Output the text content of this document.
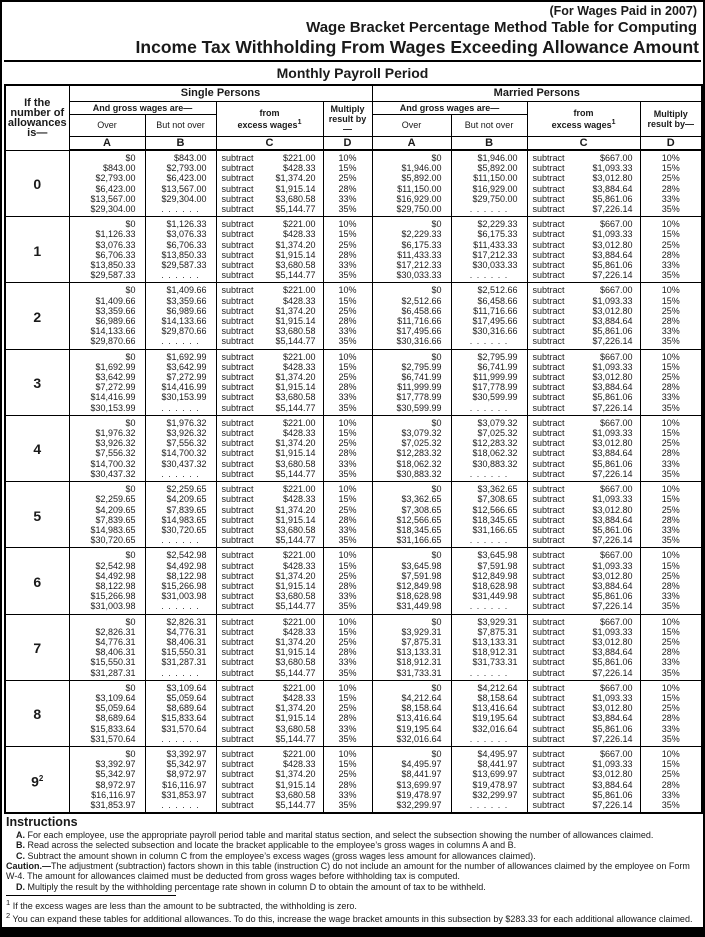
(For Wages Paid in 2007)
Wage Bracket Percentage Method Table for Computing
Income Tax Withholding From Wages Exceeding Allowance Amount
Monthly Payroll Period
If the number of allowances is—	Single Persons				Married Persons			
	And gross wages are—		from
excess wages$^1$	Multiply result by—	And gross wages are—		from
excess wages$^1$	Multiply result by—
	Over	But not over			Over	But not over		
	A	B	C	D	A	B	C	D
0	$0	$843.00	subtract $221.00	10%	$0	$1,946.00	subtract $667.00	10%
	$843.00	$2,793.00	subtract $428.33	15%	$1,946.00	$5,892.00	subtract $1,093.33	15%
	$2,793.00	$6,423.00	subtract $1,374.20	25%	$5,892.00	$11,150.00	subtract $3,012.80	25%
	$6,423.00	$13,567.00	subtract $1,915.14	28%	$11,150.00	$16,929.00	subtract $3,884.64	28%
	$13,567.00	$29,304.00	subtract $3,680.58	33%	$16,929.00	$29,750.00	subtract $5,861.06	33%
	$29,304.00	. . . . . .	subtract $5,144.77	35%	$29,750.00	. . . . . .	subtract $7,226.14	35%
1	$0	$1,126.33	subtract $221.00	10%	$0	$2,229.33	subtract $667.00	10%
	$1,126.33	$3,076.33	subtract $428.33	15%	$2,229.33	$6,175.33	subtract $1,093.33	15%
	$3,076.33	$6,706.33	subtract $1,374.20	25%	$6,175.33	$11,433.33	subtract $3,012.80	25%
	$6,706.33	$13,850.33	subtract $1,915.14	28%	$11,433.33	$17,212.33	subtract $3,884.64	28%
	$13,850.33	$29,587.33	subtract $3,680.58	33%	$17,212.33	$30,033.33	subtract $5,861.06	33%
	$29,587.33	. . . . . .	subtract $5,144.77	35%	$30,033.33	. . . . . .	subtract $7,226.14	35%
2	$0	$1,409.66	subtract $221.00	10%	$0	$2,512.66	subtract $667.00	10%
	$1,409.66	$3,359.66	subtract $428.33	15%	$2,512.66	$6,458.66	subtract $1,093.33	15%
	$3,359.66	$6,989.66	subtract $1,374.20	25%	$6,458.66	$11,716.66	subtract $3,012.80	25%
	$6,989.66	$14,133.66	subtract $1,915.14	28%	$11,716.66	$17,495.66	subtract $3,884.64	28%
	$14,133.66	$29,870.66	subtract $3,680.58	33%	$17,495.66	$30,316.66	subtract $5,861.06	33%
	$29,870.66	. . . . . .	subtract $5,144.77	35%	$30,316.66	. . . . . .	subtract $7,226.14	35%
3	$0	$1,692.99	subtract $221.00	10%	$0	$2,795.99	subtract $667.00	10%
	$1,692.99	$3,642.99	subtract $428.33	15%	$2,795.99	$6,741.99	subtract $1,093.33	15%
	$3,642.99	$7,272.99	subtract $1,374.20	25%	$6,741.99	$11,999.99	subtract $3,012.80	25%
	$7,272.99	$14,416.99	subtract $1,915.14	28%	$11,999.99	$17,778.99	subtract $3,884.64	28%
	$14,416.99	$30,153.99	subtract $3,680.58	33%	$17,778.99	$30,599.99	subtract $5,861.06	33%
	$30,153.99	. . . . . .	subtract $5,144.77	35%	$30,599.99	. . . . . .	subtract $7,226.14	35%
4	$0	$1,976.32	subtract $221.00	10%	$0	$3,079.32	subtract $667.00	10%
	$1,976.32	$3,926.32	subtract $428.33	15%	$3,079.32	$7,025.32	subtract $1,093.33	15%
	$3,926.32	$7,556.32	subtract $1,374.20	25%	$7,025.32	$12,283.32	subtract $3,012.80	25%
	$7,556.32	$14,700.32	subtract $1,915.14	28%	$12,283.32	$18,062.32	subtract $3,884.64	28%
	$14,700.32	$30,437.32	subtract $3,680.58	33%	$18,062.32	$30,883.32	subtract $5,861.06	33%
	$30,437.32	. . . . . .	subtract $5,144.77	35%	$30,883.32	. . . . . .	subtract $7,226.14	35%
5	$0	$2,259.65	subtract $221.00	10%	$0	$3,362.65	subtract $667.00	10%
	$2,259.65	$4,209.65	subtract $428.33	15%	$3,362.65	$7,308.65	subtract $1,093.33	15%
	$4,209.65	$7,839.65	subtract $1,374.20	25%	$7,308.65	$12,566.65	subtract $3,012.80	25%
	$7,839.65	$14,983.65	subtract $1,915.14	28%	$12,566.65	$18,345.65	subtract $3,884.64	28%
	$14,983.65	$30,720.65	subtract $3,680.58	33%	$18,345.65	$31,166.65	subtract $5,861.06	33%
	$30,720.65	. . . . . .	subtract $5,144.77	35%	$31,166.65	. . . . . .	subtract $7,226.14	35%
6	$0	$2,542.98	subtract $221.00	10%	$0	$3,645.98	subtract $667.00	10%
	$2,542.98	$4,492.98	subtract $428.33	15%	$3,645.98	$7,591.98	subtract $1,093.33	15%
	$4,492.98	$8,122.98	subtract $1,374.20	25%	$7,591.98	$12,849.98	subtract $3,012.80	25%
	$8,122.98	$15,266.98	subtract $1,915.14	28%	$12,849.98	$18,628.98	subtract $3,884.64	28%
	$15,266.98	$31,003.98	subtract $3,680.58	33%	$18,628.98	$31,449.98	subtract $5,861.06	33%
	$31,003.98	. . . . . .	subtract $5,144.77	35%	$31,449.98	. . . . . .	subtract $7,226.14	35%
7	$0	$2,826.31	subtract $221.00	10%	$0	$3,929.31	subtract $667.00	10%
	$2,826.31	$4,776.31	subtract $428.33	15%	$3,929.31	$7,875.31	subtract $1,093.33	15%
	$4,776.31	$8,406.31	subtract $1,374.20	25%	$7,875.31	$13,133.31	subtract $3,012.80	25%
	$8,406.31	$15,550.31	subtract $1,915.14	28%	$13,133.31	$18,912.31	subtract $3,884.64	28%
	$15,550.31	$31,287.31	subtract $3,680.58	33%	$18,912.31	$31,733.31	subtract $5,861.06	33%
	$31,287.31	. . . . . .	subtract $5,144.77	35%	$31,733.31	. . . . . .	subtract $7,226.14	35%
8	$0	$3,109.64	subtract $221.00	10%	$0	$4,212.64	subtract $667.00	10%
	$3,109.64	$5,059.64	subtract $428.33	15%	$4,212.64	$8,158.64	subtract $1,093.33	15%
	$5,059.64	$8,689.64	subtract $1,374.20	25%	$8,158.64	$13,416.64	subtract $3,012.80	25%
	$8,689.64	$15,833.64	subtract $1,915.14	28%	$13,416.64	$19,195.64	subtract $3,884.64	28%
	$15,833.64	$31,570.64	subtract $3,680.58	33%	$19,195.64	$32,016.64	subtract $5,861.06	33%
	$31,570.64	. . . . . .	subtract $5,144.77	35%	$32,016.64	. . . . . .	subtract $7,226.14	35%
$9^2$	$0	$3,392.97	subtract $221.00	10%	$0	$4,495.97	subtract $667.00	10%
	$3,392.97	$5,342.97	subtract $428.33	15%	$4,495.97	$8,441.97	subtract $1,093.33	15%
	$5,342.97	$8,972.97	subtract $1,374.20	25%	$8,441.97	$13,699.97	subtract $3,012.80	25%
	$8,972.97	$16,116.97	subtract $1,915.14	28%	$13,699.97	$19,478.97	subtract $3,884.64	28%
	$16,116.97	$31,853.97	subtract $3,680.58	33%	$19,478.97	$32,299.97	subtract $5,861.06	33%
	$31,853.97	. . . . . .	subtract $5,144.77	35%	$32,299.97	. . . . . .	subtract $7,226.14	35%
Instructions

A. For each employee, use the appropriate payroll period table and marital status section, and select the subsection showing the number of allowances claimed.

B. Read across the selected subsection and locate the bracket applicable to the employee’s gross wages in columns A and B.

C. Subtract the amount shown in column C from the employee’s excess wages (gross wages less amount for allowances claimed).

Caution.—The adjustment (subtraction) factors shown in this table (instruction C) do not include an amount for the number of allowances claimed by the employee on Form W-4. The amount for allowances claimed must be deducted from gross wages before withholding tax is computed.

D. Multiply the result by the withholding percentage rate shown in column D to obtain the amount of tax to be withheld.

$^1$ If the excess wages are less than the amount to be subtracted, the withholding is zero.

$^2$ You can expand these tables for additional allowances. To do this, increase the wage bracket amounts in this subsection by $283.33 for each additional allowance claimed.
